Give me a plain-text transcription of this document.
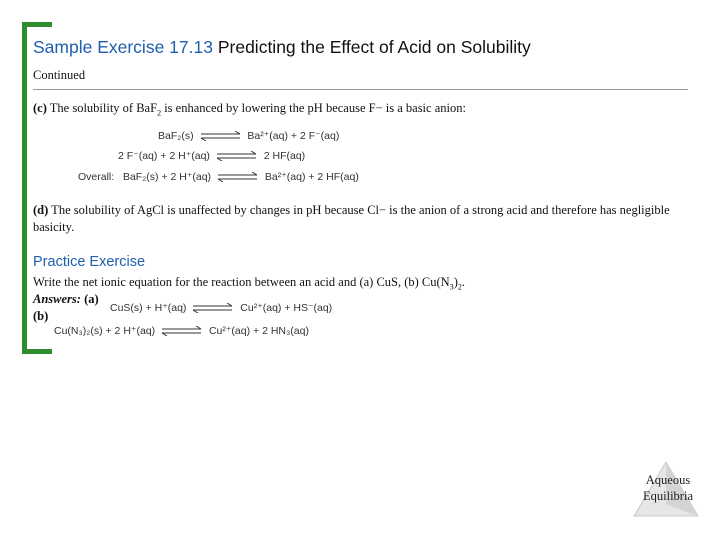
Sample Exercise 17.13 Predicting the Effect of Acid on Solubility
Continued
(c) The solubility of BaF$_2$ is enhanced by lowering the pH because F− is a basic anion:
BaF₂(s) ⇌ Ba²⁺(aq) + 2 F⁻(aq)
2 F⁻(aq) + 2 H⁺(aq) ⇌ 2 HF(aq)
Overall: BaF₂(s) + 2 H⁺(aq) ⇌ Ba²⁺(aq) + 2 HF(aq)
(d) The solubility of AgCl is unaffected by changes in pH because Cl− is the anion of a strong acid and therefore has negligible basicity.
Practice Exercise
Write the net ionic equation for the reaction between an acid and (a) CuS, (b) $Cu(N_3)_2$.
Answers: (a)
CuS(s) + H⁺(aq) ⇌ Cu²⁺(aq) + HS⁻(aq)
(b)
Cu(N₃)₂(s) + 2 H⁺(aq) ⇌ Cu²⁺(aq) + 2 HN₃(aq)
Aqueous
Equilibria
